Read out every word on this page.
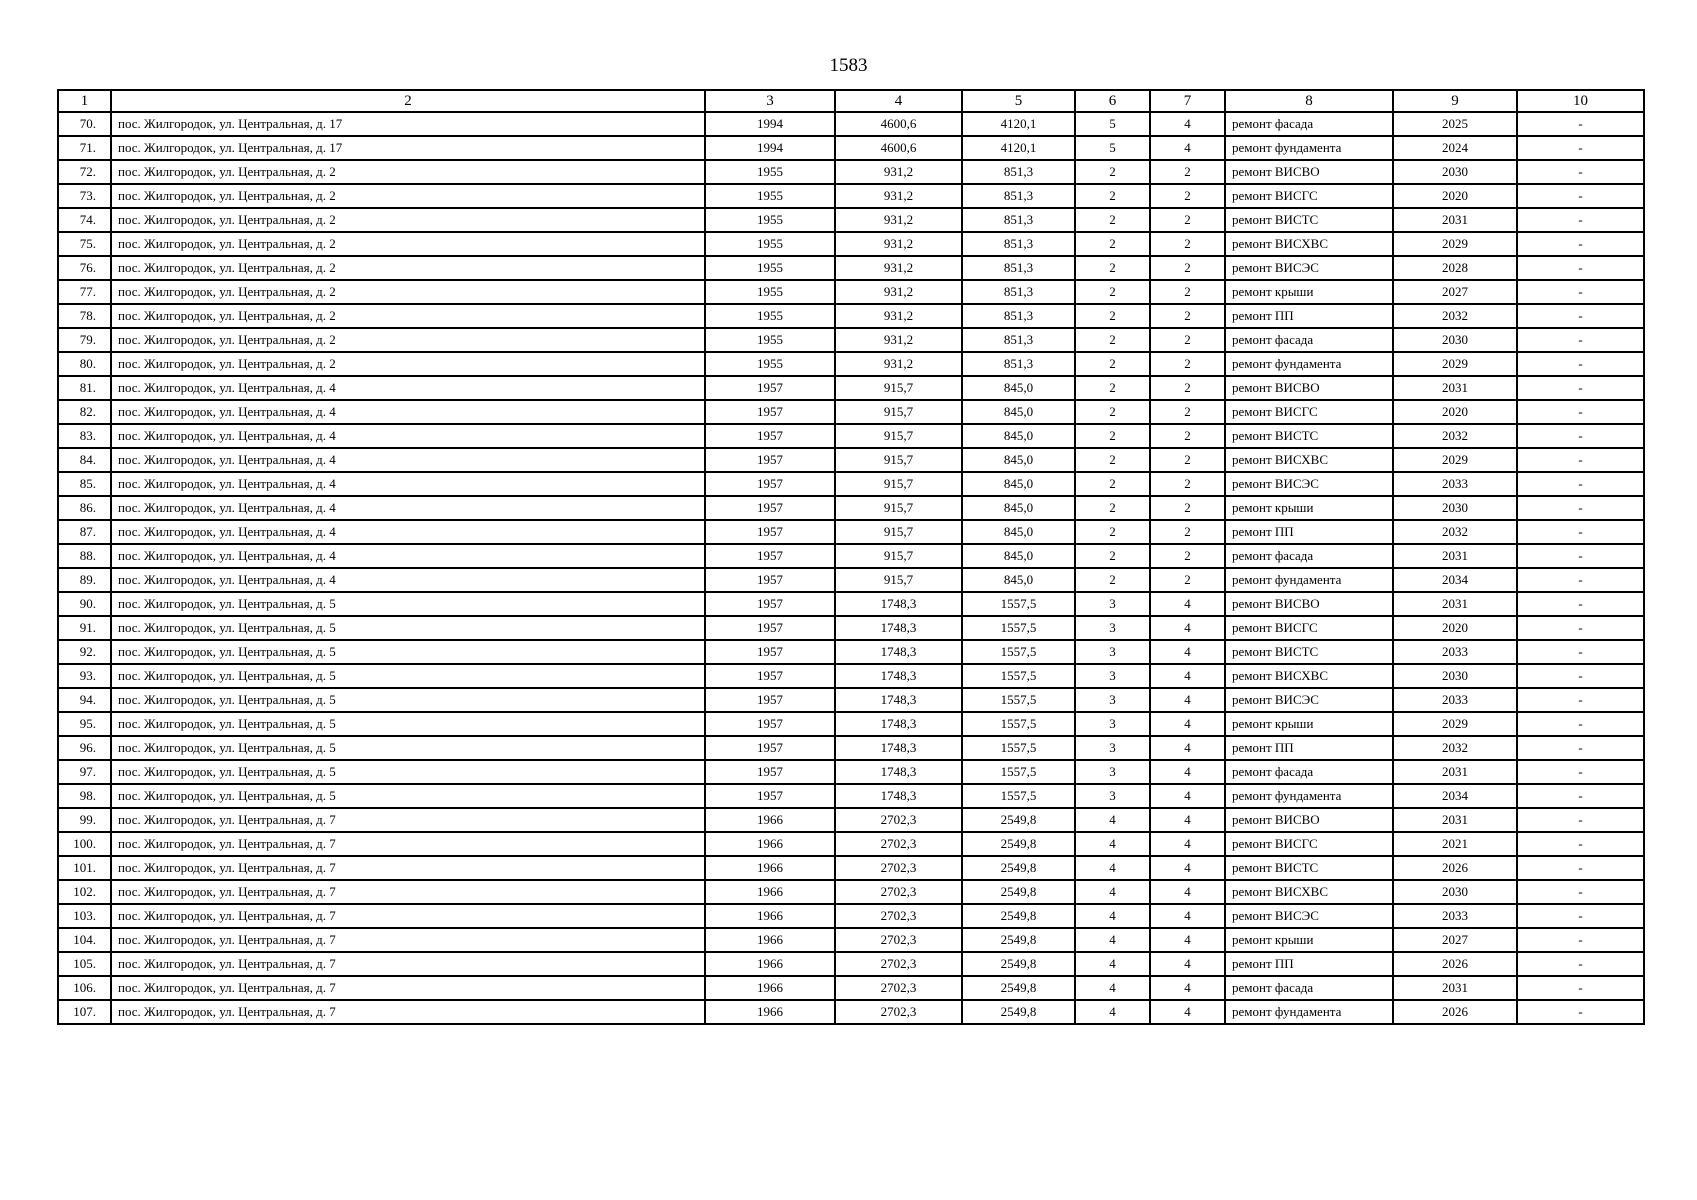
1583
1	2	3	4	5	6	7	8	9	10
70.	пос. Жилгородок, ул. Центральная, д. 17	1994	4600,6	4120,1	5	4	ремонт фасада	2025	-
71.	пос. Жилгородок, ул. Центральная, д. 17	1994	4600,6	4120,1	5	4	ремонт фундамента	2024	-
72.	пос. Жилгородок, ул. Центральная, д. 2	1955	931,2	851,3	2	2	ремонт ВИСВО	2030	-
73.	пос. Жилгородок, ул. Центральная, д. 2	1955	931,2	851,3	2	2	ремонт ВИСГС	2020	-
74.	пос. Жилгородок, ул. Центральная, д. 2	1955	931,2	851,3	2	2	ремонт ВИСТС	2031	-
75.	пос. Жилгородок, ул. Центральная, д. 2	1955	931,2	851,3	2	2	ремонт ВИСХВС	2029	-
76.	пос. Жилгородок, ул. Центральная, д. 2	1955	931,2	851,3	2	2	ремонт ВИСЭС	2028	-
77.	пос. Жилгородок, ул. Центральная, д. 2	1955	931,2	851,3	2	2	ремонт крыши	2027	-
78.	пос. Жилгородок, ул. Центральная, д. 2	1955	931,2	851,3	2	2	ремонт ПП	2032	-
79.	пос. Жилгородок, ул. Центральная, д. 2	1955	931,2	851,3	2	2	ремонт фасада	2030	-
80.	пос. Жилгородок, ул. Центральная, д. 2	1955	931,2	851,3	2	2	ремонт фундамента	2029	-
81.	пос. Жилгородок, ул. Центральная, д. 4	1957	915,7	845,0	2	2	ремонт ВИСВО	2031	-
82.	пос. Жилгородок, ул. Центральная, д. 4	1957	915,7	845,0	2	2	ремонт ВИСГС	2020	-
83.	пос. Жилгородок, ул. Центральная, д. 4	1957	915,7	845,0	2	2	ремонт ВИСТС	2032	-
84.	пос. Жилгородок, ул. Центральная, д. 4	1957	915,7	845,0	2	2	ремонт ВИСХВС	2029	-
85.	пос. Жилгородок, ул. Центральная, д. 4	1957	915,7	845,0	2	2	ремонт ВИСЭС	2033	-
86.	пос. Жилгородок, ул. Центральная, д. 4	1957	915,7	845,0	2	2	ремонт крыши	2030	-
87.	пос. Жилгородок, ул. Центральная, д. 4	1957	915,7	845,0	2	2	ремонт ПП	2032	-
88.	пос. Жилгородок, ул. Центральная, д. 4	1957	915,7	845,0	2	2	ремонт фасада	2031	-
89.	пос. Жилгородок, ул. Центральная, д. 4	1957	915,7	845,0	2	2	ремонт фундамента	2034	-
90.	пос. Жилгородок, ул. Центральная, д. 5	1957	1748,3	1557,5	3	4	ремонт ВИСВО	2031	-
91.	пос. Жилгородок, ул. Центральная, д. 5	1957	1748,3	1557,5	3	4	ремонт ВИСГС	2020	-
92.	пос. Жилгородок, ул. Центральная, д. 5	1957	1748,3	1557,5	3	4	ремонт ВИСТС	2033	-
93.	пос. Жилгородок, ул. Центральная, д. 5	1957	1748,3	1557,5	3	4	ремонт ВИСХВС	2030	-
94.	пос. Жилгородок, ул. Центральная, д. 5	1957	1748,3	1557,5	3	4	ремонт ВИСЭС	2033	-
95.	пос. Жилгородок, ул. Центральная, д. 5	1957	1748,3	1557,5	3	4	ремонт крыши	2029	-
96.	пос. Жилгородок, ул. Центральная, д. 5	1957	1748,3	1557,5	3	4	ремонт ПП	2032	-
97.	пос. Жилгородок, ул. Центральная, д. 5	1957	1748,3	1557,5	3	4	ремонт фасада	2031	-
98.	пос. Жилгородок, ул. Центральная, д. 5	1957	1748,3	1557,5	3	4	ремонт фундамента	2034	-
99.	пос. Жилгородок, ул. Центральная, д. 7	1966	2702,3	2549,8	4	4	ремонт ВИСВО	2031	-
100.	пос. Жилгородок, ул. Центральная, д. 7	1966	2702,3	2549,8	4	4	ремонт ВИСГС	2021	-
101.	пос. Жилгородок, ул. Центральная, д. 7	1966	2702,3	2549,8	4	4	ремонт ВИСТС	2026	-
102.	пос. Жилгородок, ул. Центральная, д. 7	1966	2702,3	2549,8	4	4	ремонт ВИСХВС	2030	-
103.	пос. Жилгородок, ул. Центральная, д. 7	1966	2702,3	2549,8	4	4	ремонт ВИСЭС	2033	-
104.	пос. Жилгородок, ул. Центральная, д. 7	1966	2702,3	2549,8	4	4	ремонт крыши	2027	-
105.	пос. Жилгородок, ул. Центральная, д. 7	1966	2702,3	2549,8	4	4	ремонт ПП	2026	-
106.	пос. Жилгородок, ул. Центральная, д. 7	1966	2702,3	2549,8	4	4	ремонт фасада	2031	-
107.	пос. Жилгородок, ул. Центральная, д. 7	1966	2702,3	2549,8	4	4	ремонт фундамента	2026	-
